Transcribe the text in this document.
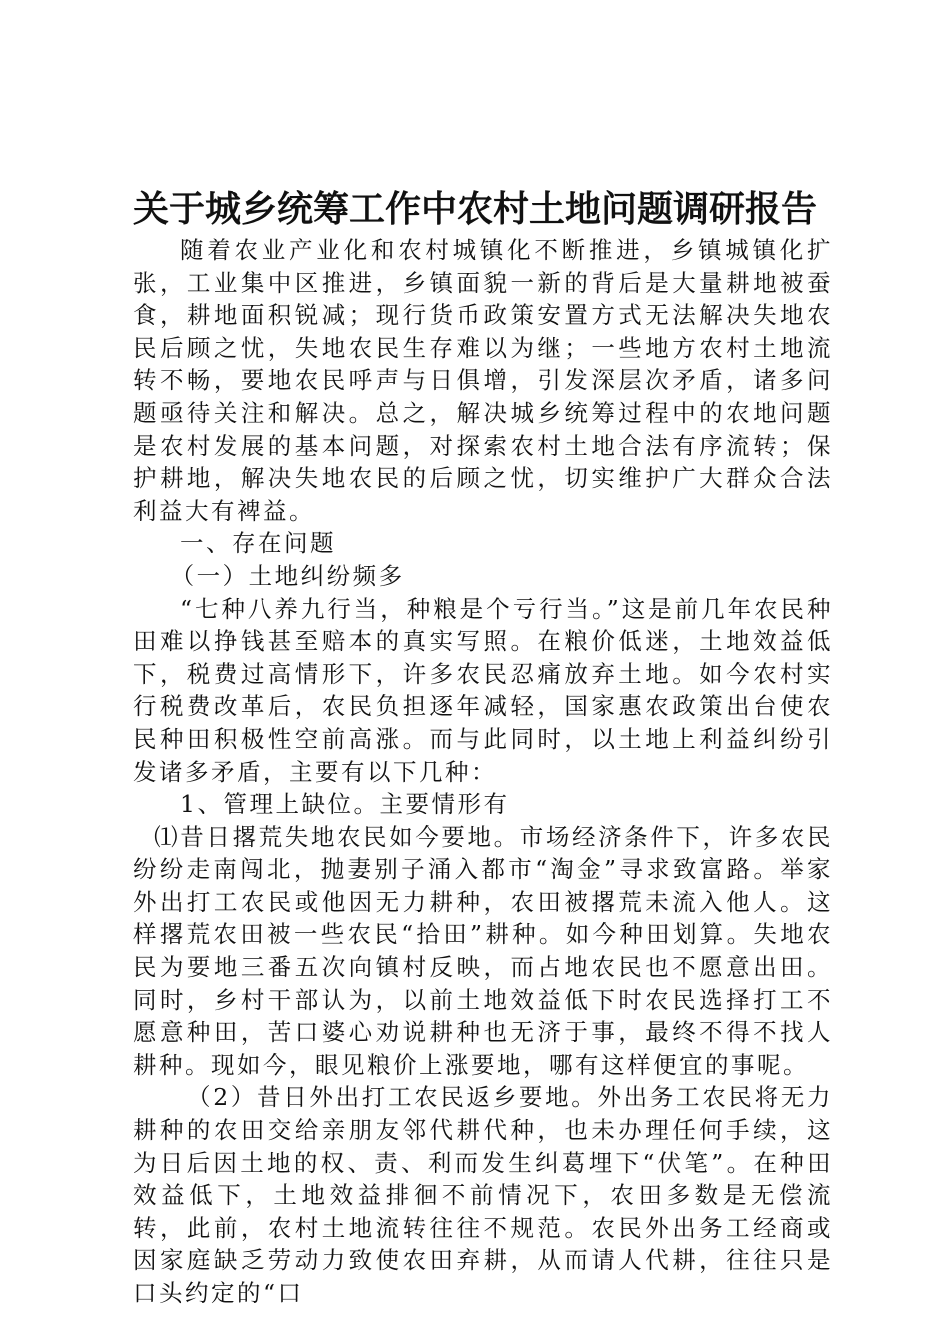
关于城乡统筹工作中农村土地问题调研报告

随着农业产业化和农村城镇化不断推进，乡镇城镇化扩张，工业集中区推进，乡镇面貌一新的背后是大量耕地被蚕食，耕地面积锐减；现行货币政策安置方式无法解决失地农民后顾之忧，失地农民生存难以为继；一些地方农村土地流转不畅，要地农民呼声与日俱增，引发深层次矛盾，诸多问题亟待关注和解决。总之，解决城乡统筹过程中的农地问题是农村发展的基本问题，对探索农村土地合法有序流转；保护耕地，解决失地农民的后顾之忧，切实维护广大群众合法利益大有裨益。

一、存在问题

（一）土地纠纷频多

“七种八养九行当，种粮是个亏行当。”这是前几年农民种田难以挣钱甚至赔本的真实写照。在粮价低迷，土地效益低下，税费过高情形下，许多农民忍痛放弃土地。如今农村实行税费改革后，农民负担逐年减轻，国家惠农政策出台使农民种田积极性空前高涨。而与此同时，以土地上利益纠纷引发诸多矛盾，主要有以下几种：

1、管理上缺位。主要情形有

⑴昔日撂荒失地农民如今要地。市场经济条件下，许多农民纷纷走南闯北，抛妻别子涌入都市“淘金”寻求致富路。举家外出打工农民或他因无力耕种，农田被撂荒未流入他人。这样撂荒农田被一些农民“拾田”耕种。如今种田划算。失地农民为要地三番五次向镇村反映，而占地农民也不愿意出田。同时，乡村干部认为，以前土地效益低下时农民选择打工不愿意种田，苦口婆心劝说耕种也无济于事，最终不得不找人耕种。现如今，眼见粮价上涨要地，哪有这样便宜的事呢。

（2）昔日外出打工农民返乡要地。外出务工农民将无力耕种的农田交给亲朋友邻代耕代种，也未办理任何手续，这为日后因土地的权、责、利而发生纠葛埋下“伏笔”。在种田效益低下，土地效益排徊不前情况下，农田多数是无偿流转，此前，农村土地流转往往不规范。农民外出务工经商或因家庭缺乏劳动力致使农田弃耕，从而请人代耕，往往只是口头约定的“口
